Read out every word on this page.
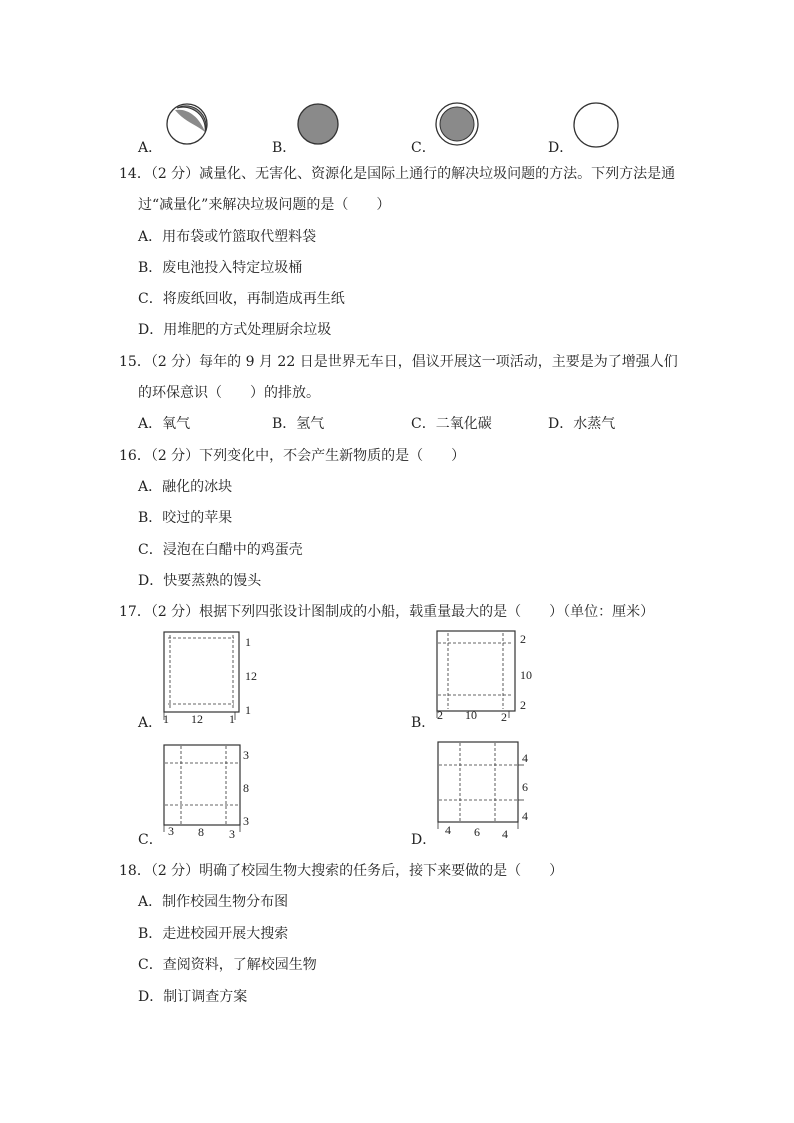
A．	B．	C．	D．
14．（2 分）减量化、无害化、资源化是国际上通行的解决垃圾问题的方法。下列方法是通
过“减量化”来解决垃圾问题的是（　　）
A．用布袋或竹篮取代塑料袋
B．废电池投入特定垃圾桶
C．将废纸回收，再制造成再生纸
D．用堆肥的方式处理厨余垃圾
15．（2 分）每年的 9 月 22 日是世界无车日，倡议开展这一项活动，主要是为了增强人们
的环保意识（　　）的排放。
A．氧气	B．氢气	C．二氧化碳	D．水蒸气
16．（2 分）下列变化中，不会产生新物质的是（　　）
A．融化的冰块
B．咬过的苹果
C．浸泡在白醋中的鸡蛋壳
D．快要蒸熟的馒头
17．（2 分）根据下列四张设计图制成的小船，载重量最大的是（　　）（单位：厘米）
A．
1
12
1
1 12 1	B．
2
10
2
2 10 2
C．
3
8
3
3 8 3	D．
4
6
4
4 6 4
18．（2 分）明确了校园生物大搜索的任务后，接下来要做的是（　　）
A．制作校园生物分布图
B．走进校园开展大搜索
C．查阅资料，了解校园生物
D．制订调查方案
